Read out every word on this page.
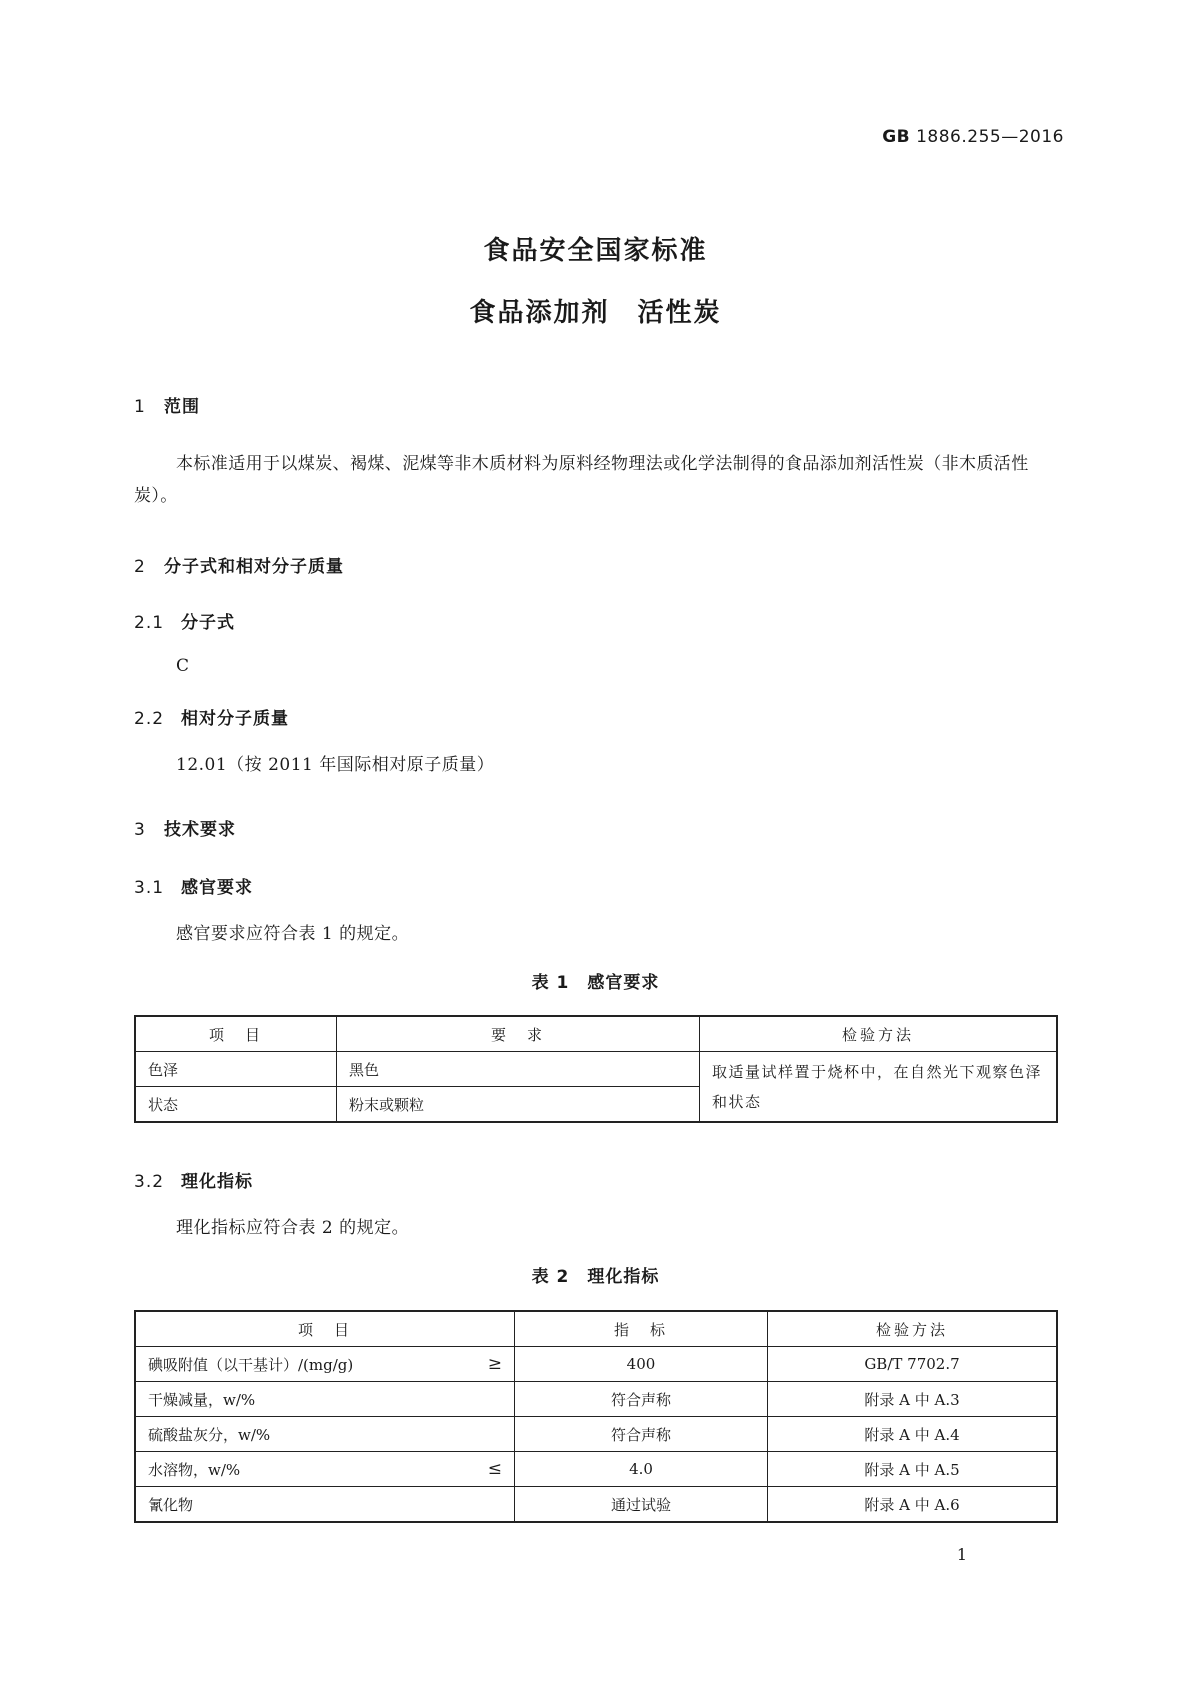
GB 1886.255—2016
食品安全国家标准
食品添加剂　活性炭
1 范围
本标准适用于以煤炭、褐煤、泥煤等非木质材料为原料经物理法或化学法制得的食品添加剂活性炭（非木质活性炭）。
2 分子式和相对分子质量
2.1 分子式
C
2.2 相对分子质量
12.01（按 2011 年国际相对原子质量）
3 技术要求
3.1 感官要求
感官要求应符合表 1 的规定。
表 1　感官要求
项　目	要　求	检验方法
色泽	黑色	取适量试样置于烧杯中，在自然光下观察色泽和状态
状态	粉末或颗粒	
3.2 理化指标
理化指标应符合表 2 的规定。
表 2　理化指标
项　目	指　标	检验方法
碘吸附值（以干基计）/(mg/g) ≥	400	GB/T 7702.7
干燥减量，w/%	符合声称	附录 A 中 A.3
硫酸盐灰分，w/%	符合声称	附录 A 中 A.4
水溶物，w/% ≤	4.0	附录 A 中 A.5
氰化物	通过试验	附录 A 中 A.6
1
